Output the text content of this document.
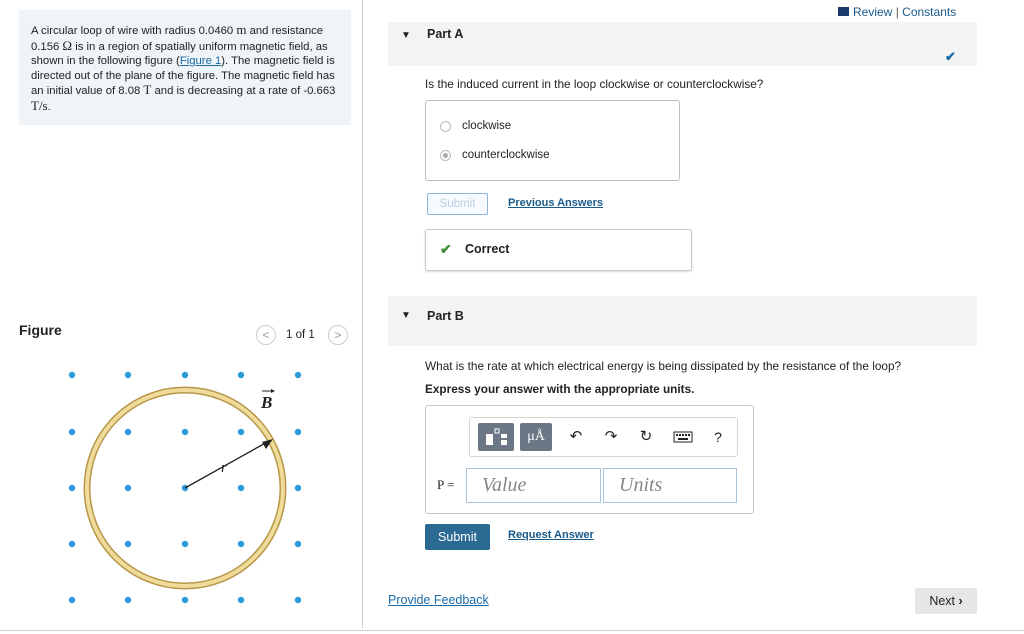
A circular loop of wire with radius 0.0460 m and resistance 0.156 Ω is in a region of spatially uniform magnetic field, as shown in the following figure (Figure 1). The magnetic field is directed out of the plane of the figure. The magnetic field has an initial value of 8.08 T and is decreasing at a rate of -0.663 T/s.
Figure	<	1 of 1	>
r
B
Review | Constants
▼ Part A
✔
Is the induced current in the loop clockwise or counterclockwise?
clockwise
counterclockwise
Submit	Previous Answers
✔ Correct
▼ Part B
What is the rate at which electrical energy is being dissipated by the resistance of the loop?
Express your answer with the appropriate units.
μÅ	↶ ↷ ↻	?
P =	Value	Units
Submit	Request Answer
Provide Feedback	Next ›
